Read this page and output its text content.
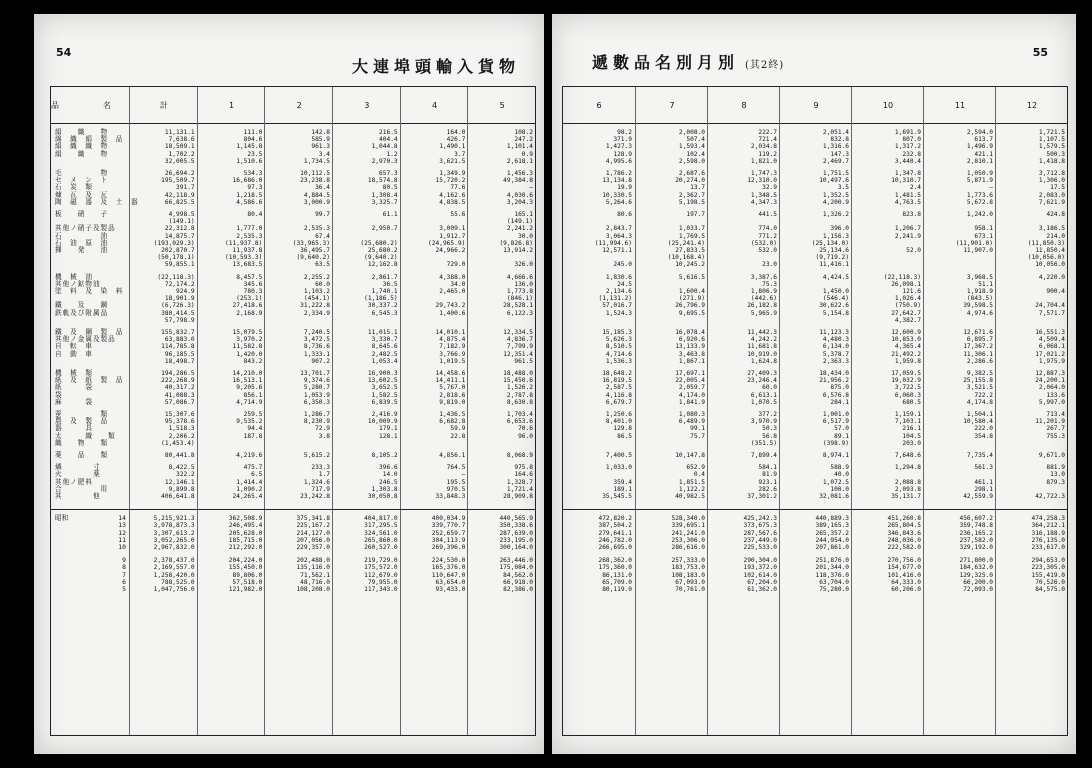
54
大連埠頭輸入貨物
品　名
絹　　織　　物
綿　織　絹　製　品
絹　織　織　物
絹　　織　　物
毛　　　　　物
セ　メ　ン　ト
石　炭　類
煉　瓦　及　瓦
陶　磁　器　及　土　器
板　　硝　　子
其他ノ硝子及製品
石　　　　　油
石　油　原　油
揮　　発　　油
機　械　油
其他ノ鉱物油
塗　料　及　染　料
鐵　　及　　鋼
鉄軌及び附属品
鐵　及　鋼　製　品
其他ノ金属及製品
自　転　車
自　動　車
機　械　類
紙　及　紙　製　品
紙　　　袋
袋
麻　　　袋
蚕　　　　　類
農　及　製　品
器　　　具
太　　　織　　類
織　　物　　類
薬　　品　　類
燐　　　　寸
火　　　　薬
其他ノ肥料
合　　　　　用
其　　　　他
昭和	14
13
12
11
10
9
8
7
6
5
計
11,131.1
7,638.6
18,509.1
1,702.2
32,005.5
26,694.2
195,509.7
391.7
42,118.9
66,825.5
4,998.5
(149.1)
22,312.8
14,875.7
(193,029.3)
202,870.7
(50,178.1)
59,855.1
(22,118.3)
72,174.2
924.9
18,901.9
(6,726.3)
380,414.5
57,798.9
155,832.7
63,883.0
114,785.8
96,185.5
18,498.7
194,286.5
222,268.9
40,317.2
41,088.3
57,086.7
15,307.6
95,378.6
1,518.3
2,206.2
(1,453.4)
80,441.8
8,422.5
322.2
12,146.1
9,899.8
406,641.8
5,215,921.3
3,978,873.3
3,307,613.2
3,052,265.0
2,967,832.0
2,378,437.0
2,169,557.0
1,258,420.0
788,525.0
1,047,756.0
1
111.0
804.6
1,145.8
23.5
1,510.6
534.3
16,686.0
97.3
1,218.5
4,586.6
80.4
1,777.0
2,535.3
(11,937.8)
11,937.8
(10,593.3)
13,683.5
8,457.5
345.6
780.3
(253.1)
27,418.6
2,168.9
15,079.5
3,970.2
11,582.8
1,420.0
843.2
14,210.0
16,513.1
9,205.6
856.1
4,714.9
259.5
9,535.2
94.4
187.8
4,219.6
475.7
6.5
1,414.4
1,090.2
24,265.4
362,508.9
246,495.4
205,628.0
185,715.0
212,292.0
204,224.0
155,450.0
89,806.0
57,518.0
121,982.0
2
142.8
585.9
961.3
3.4
1,734.5
10,112.5
23,238.8
36.4
4,884.5
3,000.9
99.7
2,535.3
67.4
(33,965.3)
36,495.7
(9,640.2)
63.5
2,255.2
60.0
1,103.2
(454.1)
31,222.8
2,334.9
7,240.5
3,472.5
8,736.6
1,333.1
907.2
13,701.7
9,374.6
5,280.7
1,053.9
6,350.3
1,286.7
8,230.9
72.9
3.8
5,615.2
233.3
1.7
1,324.6
717.9
23,242.8
375,341.8
225,167.2
214,127.0
207,056.0
229,357.0
202,488.0
135,116.0
71,562.1
48,716.0
108,208.0
3
216.5
404.4
1,044.8
1.2
2,970.3
657.3
18,574.8
80.5
1,308.4
3,325.7
61.1
2,950.7
(25,680.2)
25,680.2
(9,640.2)
12,162.8
2,861.7
36.5
1,740.1
(1,186.5)
30,337.2
6,545.3
11,015.1
3,330.7
8,645.6
2,482.5
1,053.4
16,900.3
13,602.5
3,652.5
1,582.5
6,839.5
2,416.9
10,009.9
179.1
128.1
8,105.2
396.6
14.0
246.5
1,303.8
30,050.8
404,817.0
317,295.5
324,561.0
265,860.0
260,527.0
219,729.0
175,572.0
112,679.0
79,955.0
117,343.0
4
164.0
426.7
1,490.1
3.7
3,621.5
1,349.9
15,720.2
77.6
4,162.6
4,838.5
55.6
3,009.1
1,912.7
(24,965.9)
24,966.2
729.0
4,388.0
34.0
2,465.0
29,743.2
1,400.6
14,010.1
4,875.4
7,182.9
3,766.9
1,019.5
14,458.6
14,411.1
5,767.0
2,818.6
9,819.0
1,436.5
6,682.8
59.9
22.8
4,856.1
764.5
—
195.5
970.5
33,848.3
400,034.9
339,770.7
252,659.7
304,113.9
269,396.0
224,530.0
165,376.0
110,647.0
63,654.0
93,433.0
5
108.2
247.2
1,101.4
0.9
2,618.1
1,456.3
49,384.8
—
4,030.6
3,204.3
165.1
(149.1)
2,241.2
30.0
(9,826.8)
13,914.2
326.0
4,666.6
136.0
1,773.8
(846.1)
28,528.1
6,122.3
12,334.5
4,836.7
7,799.9
12,351.4
961.5
18,488.0
15,450.6
1,526.2
2,787.8
8,630.8
1,703.4
6,653.6
70.6
96.0
8,068.9
975.8
164.6
1,328.7
1,721.4
28,909.8
440,565.9
350,338.6
287,639.0
233,195.0
300,164.0
263,446.0
175,084.0
84,562.0
66,918.0
82,386.0
55
遞數品名別月別 (其2終)
6
98.2
371.9
1,427.3
128.9
4,995.6
1,786.2
13,134.8
19.9
10,330.5
5,264.6
80.6
2,843.7
3,064.3
(11,994.6)
12,571.1
245.0
1,830.6
24.5
2,134.6
(1,131.2)
57,016.7
1,524.3
15,185.3
5,626.3
8,510.5
4,714.6
1,536.3
18,648.2
16,819.5
2,587.5
4,116.8
6,679.7
1,250.6
8,401.0
129.8
86.5
7,400.5
1,033.0
359.4
189.1
35,545.5
472,820.2
387,504.2
279,641.1
246,782.0
266,695.0
268,362.0
175,360.0
86,131.0
65,709.0
80,119.0
7
2,008.0
507.4
1,593.4
102.4
2,598.0
2,687.6
20,274.0
13.7
2,362.7
5,198.5
197.7
1,033.7
1,769.5
(25,241.4)
27,833.5
(10,168.4)
10,245.2
5,616.5
1,600.4
(271.9)
26,796.9
9,695.5
16,078.4
6,920.6
13,133.9
3,463.8
1,867.1
17,697.1
22,005.4
2,059.7
4,174.0
1,841.9
1,080.3
6,489.9
99.1
75.7
10,147.8
652.9
0.4
1,851.5
1,122.2
40,982.5
528,340.0
339,695.1
241,241.0
253,306.0
286,616.0
257,333.0
183,753.0
108,183.0
67,093.0
70,761.0
8
222.7
721.4
2,034.8
119.2
1,821.0
1,747.3
12,310.0
32.9
1,348.5
4,347.3
441.5
774.0
771.2
(532.0)
532.0
23.0
3,387.6
75.3
1,806.9
(442.6)
26,182.8
5,965.9
11,442.3
4,242.2
11,681.8
10,919.0
1,624.8
27,409.3
23,246.4
60.0
6,613.1
1,070.5
377.2
3,970.9
50.3
56.8
(351.5)
7,899.4
584.1
81.9
923.1
282.6
37,301.2
425,242.3
373,675.3
287,567.6
237,449.0
225,533.0
290,304.0
193,372.0
102,614.0
67,204.0
61,362.0
9
2,051.4
832.8
1,316.6
147.3
2,469.7
1,751.5
10,497.6
3.5
1,352.5
4,200.9
1,326.2
396.0
1,156.3
(25,134.0)
25,134.6
(9,719.2)
11,416.1
4,424.5
1,450.0
(546.4)
30,622.6
5,154.8
11,123.3
4,480.3
6,134.0
5,378.7
2,363.3
18,434.0
21,956.2
875.0
6,576.8
284.1
1,001.0
6,517.9
57.0
89.1
(398.9)
8,974.1
588.9
40.0
1,072.5
100.0
32,081.6
440,889.3
389,165.3
265,357.2
244,954.0
207,861.0
251,876.0
201,344.0
118,376.0
63,704.0
75,280.0
10
1,691.9
807.0
1,317.2
232.8
3,440.4
1,347.8
10,310.7
2.4
1,481.5
4,763.5
823.8
1,206.7
2,241.9
52.0
(22,118.3)
26,098.1
121.6
1,026.4
(750.9)
27,642.7
4,382.7
12,600.9
10,853.0
4,365.4
21,492.2
1,959.8
17,059.5
19,032.9
3,722.5
6,060.3
680.5
1,159.1
7,103.1
216.1
104.5
203.0
7,648.6
1,294.8
2,088.8
2,093.8
35,131.7
451,260.8
265,804.5
346,843.6
248,036.0
222,582.0
270,756.0
154,677.0
101,416.0
64,333.0
60,206.0
11
2,594.0
613.7
1,496.9
421.1
2,810.1
1,050.9
5,871.9
—
1,773.6
5,672.8
1,242.0
958.1
673.1
(11,901.0)
11,907.0
3,968.5
51.1
1,918.9
(843.5)
39,598.5
4,974.6
12,671.6
6,895.7
17,367.2
11,306.1
2,286.6
9,382.5
25,155.8
3,521.5
722.2
4,174.8
1,504.1
10,580.4
222.0
354.8
7,735.4
561.3
461.1
298.1
42,559.9
456,607.2
359,748.8
236,165.2
237,582.0
329,192.0
271,800.0
184,632.0
129,325.0
66,200.0
72,093.0
12
1,721.5
1,107.5
1,579.5
500.3
1,418.8
3,712.8
1,306.0
17.5
2,083.0
7,621.9
424.8
3,186.5
214.0
(11,850.3)
11,850.4
(10,056.0)
10,056.0
4,220.0
900.4
24,704.4
7,571.7
16,551.3
4,509.4
6,068.1
17,021.2
1,975.9
12,887.3
24,200.1
2,064.0
133.6
5,997.0
713.4
11,201.9
267.7
755.3
9,671.0
881.9
13.0
879.3
42,722.3
474,258.3
364,212.1
316,188.9
276,135.0
233,617.0
294,653.0
223,305.0
155,419.0
70,526.0
84,575.0
